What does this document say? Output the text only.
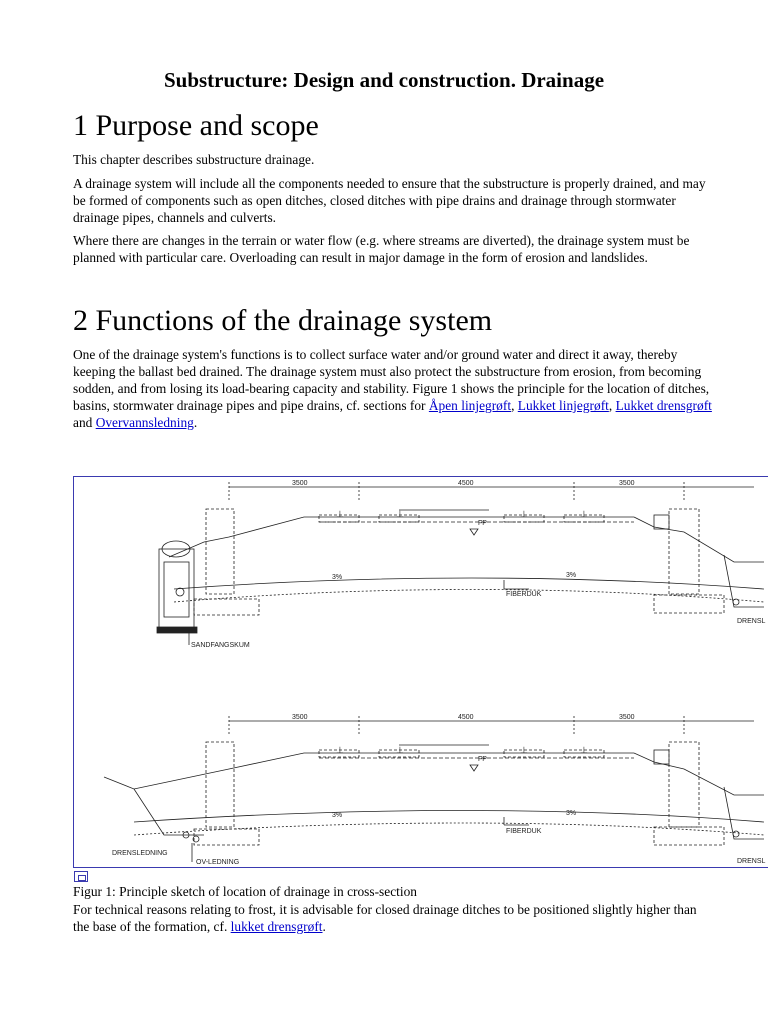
Substructure: Design and construction. Drainage
1 Purpose and scope

This chapter describes substructure drainage.

A drainage system will include all the components needed to ensure that the substructure is properly drained, and may be formed of components such as open ditches, closed ditches with pipe drains and drainage through stormwater drainage pipes, channels and culverts.

Where there are changes in the terrain or water flow (e.g. where streams are diverted), the drainage system must be planned with particular care. Overloading can result in major damage in the form of erosion and landslides.

2 Functions of the drainage system

One of the drainage system's functions is to collect surface water and/or ground water and direct it away, thereby keeping the ballast bed drained. The drainage system must also protect the substructure from erosion, from becoming sodden, and from losing its load-bearing capacity and stability. Figure 1 shows the principle for the location of ditches, basins, stormwater drainage pipes and pipe drains, cf. sections for Åpen linjegrøft, Lukket linjegrøft, Lukket drensgrøft and Overvannsledning.

3500	4500	3500
⊥	⊥	⊥	⊥
FP
3%	3%
FIBERDUK
SANDFANGSKUM
DRENSL
3500	4500	3500
⊥	⊥	⊥	⊥
FP
3%	3%
FIBERDUK
DRENSLEDNING
OV-LEDNING	DRENSL

Figur 1: Principle sketch of location of drainage in cross-section

For technical reasons relating to frost, it is advisable for closed drainage ditches to be positioned slightly higher than the base of the formation, cf. lukket drensgrøft.
